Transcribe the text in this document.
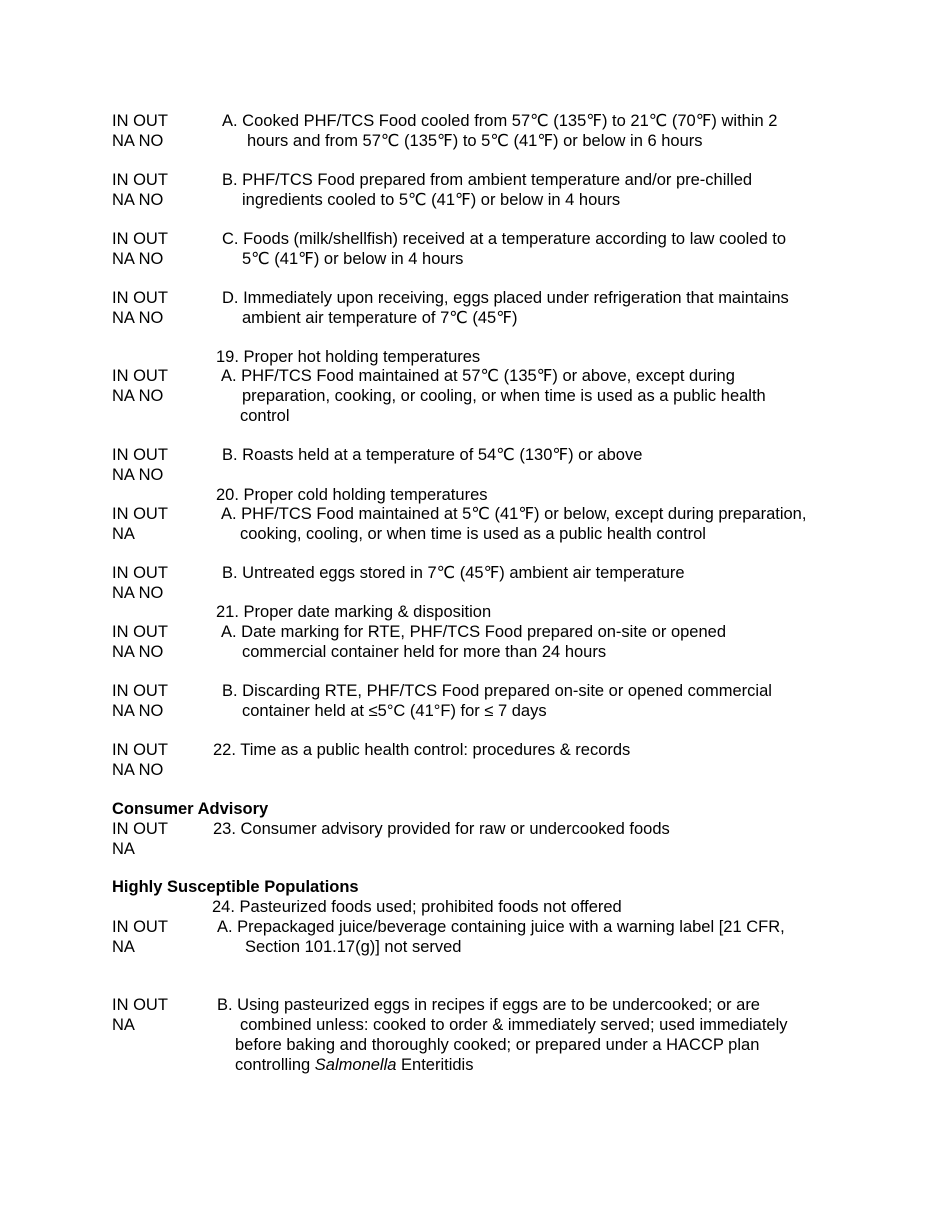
IN OUT
NA NO
A. Cooked PHF/TCS Food cooled from 57℃ (135℉) to 21℃ (70℉) within 2
hours and from 57℃ (135℉) to 5℃ (41℉) or below in 6 hours
IN OUT
NA NO
B. PHF/TCS Food prepared from ambient temperature and/or pre-chilled
ingredients cooled to 5℃ (41℉) or below in 4 hours
IN OUT
NA NO
C. Foods (milk/shellfish) received at a temperature according to law cooled to
5℃ (41℉) or below in 4 hours
IN OUT
NA NO
D. Immediately upon receiving, eggs placed under refrigeration that maintains
ambient air temperature of 7℃ (45℉)
19. Proper hot holding temperatures
IN OUT
NA NO
A. PHF/TCS Food maintained at 57℃ (135℉) or above, except during
preparation, cooking, or cooling, or when time is used as a public health
control
IN OUT
NA NO
B. Roasts held at a temperature of 54℃ (130℉) or above
20. Proper cold holding temperatures
IN OUT
NA
A. PHF/TCS Food maintained at 5℃ (41℉) or below, except during preparation,
cooking, cooling, or when time is used as a public health control
IN OUT
NA NO
B. Untreated eggs stored in 7℃ (45℉) ambient air temperature
21. Proper date marking & disposition
IN OUT
NA NO
A. Date marking for RTE, PHF/TCS Food prepared on-site or opened
commercial container held for more than 24 hours
IN OUT
NA NO
B. Discarding RTE, PHF/TCS Food prepared on-site or opened commercial
container held at ≤5°C (41°F) for ≤ 7 days
IN OUT
NA NO
22. Time as a public health control: procedures & records
Consumer Advisory
IN OUT
NA
23. Consumer advisory provided for raw or undercooked foods
Highly Susceptible Populations
24. Pasteurized foods used; prohibited foods not offered
IN OUT
NA
A. Prepackaged juice/beverage containing juice with a warning label [21 CFR,
Section 101.17(g)] not served
IN OUT
NA
B. Using pasteurized eggs in recipes if eggs are to be undercooked; or are
combined unless: cooked to order & immediately served; used immediately
before baking and thoroughly cooked; or prepared under a HACCP plan
controlling Salmonella Enteritidis
